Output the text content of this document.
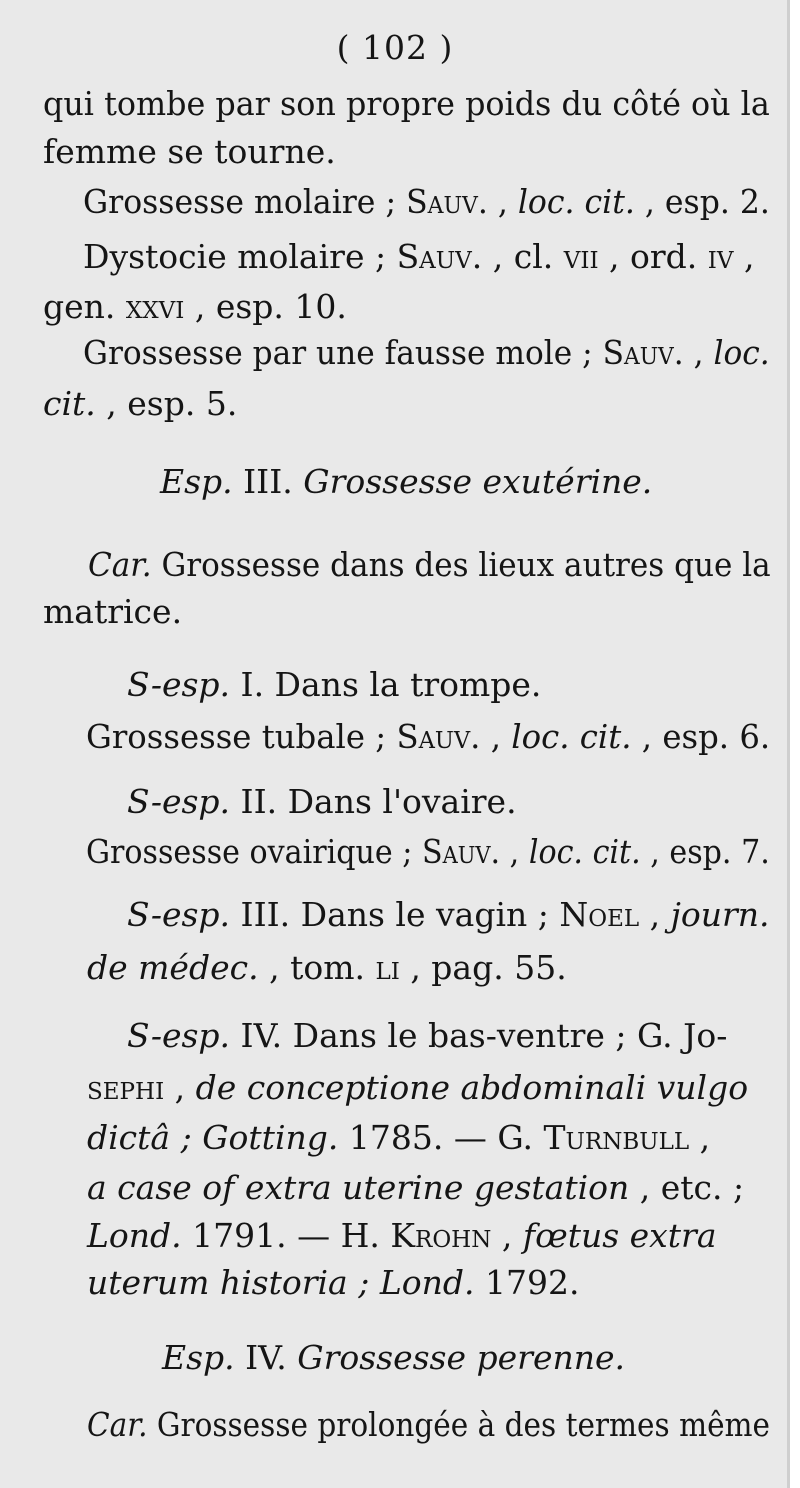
( 102 )
qui tombe par son propre poids du côté où la
femme se tourne.
Grossesse molaire ; Sauv. , loc. cit. , esp. 2.
Dystocie molaire ; Sauv. , cl. vii , ord. iv ,
gen. xxvi , esp. 10.
Grossesse par une fausse mole ; Sauv. , loc.
cit. , esp. 5.
Esp. III. Grossesse exutérine.
Car. Grossesse dans des lieux autres que la
matrice.
S-esp. I. Dans la trompe.
Grossesse tubale ; Sauv. , loc. cit. , esp. 6.
S-esp. II. Dans l'ovaire.
Grossesse ovairique ; Sauv. , loc. cit. , esp. 7.
S-esp. III. Dans le vagin ; Noel , journ.
de médec. , tom. li , pag. 55.
S-esp. IV. Dans le bas-ventre ; G. Jo-
sephi , de conceptione abdominali vulgo
dictâ ; Gotting. 1785. — G. Turnbull ,
a case of extra uterine gestation , etc. ;
Lond. 1791. — H. Krohn , fœtus extra
uterum historia ; Lond. 1792.
Esp. IV. Grossesse perenne.
Car. Grossesse prolongée à des termes même
